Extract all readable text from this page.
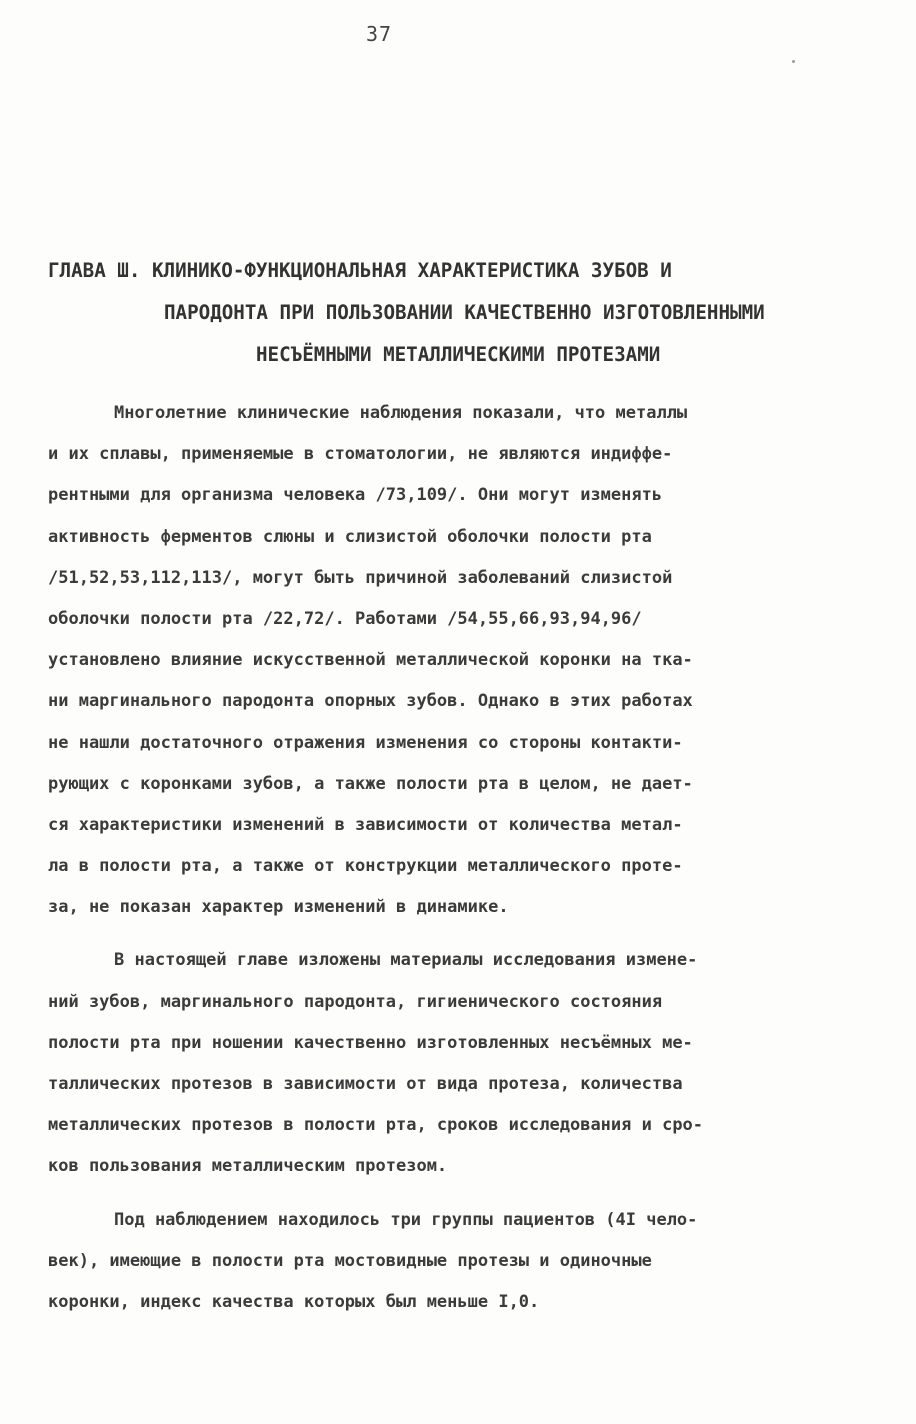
37
ГЛАВА Ш. КЛИНИКО-ФУНКЦИОНАЛЬНАЯ ХАРАКТЕРИСТИКА ЗУБОВ И
ПАРОДОНТА ПРИ ПОЛЬЗОВАНИИ КАЧЕСТВЕННО ИЗГОТОВЛЕННЫМИ
НЕСЪЁМНЫМИ МЕТАЛЛИЧЕСКИМИ ПРОТЕЗАМИ
Многолетние клинические наблюдения показали, что металлы
и их сплавы, применяемые в стоматологии, не являются индиффе-
рентными для организма человека /73,109/. Они могут изменять
активность ферментов слюны и слизистой оболочки полости рта
/51,52,53,112,113/, могут быть причиной заболеваний слизистой
оболочки полости рта /22,72/. Работами /54,55,66,93,94,96/
установлено влияние искусственной металлической коронки на тка-
ни маргинального пародонта опорных зубов. Однако в этих работах
не нашли достаточного отражения изменения со стороны контакти-
рующих с коронками зубов, а также полости рта в целом, не дает-
ся характеристики изменений в зависимости от количества метал-
ла в полости рта, а также от конструкции металлического проте-
за, не показан характер изменений в динамике.
В настоящей главе изложены материалы исследования измене-
ний зубов, маргинального пародонта, гигиенического состояния
полости рта при ношении качественно изготовленных несъёмных ме-
таллических протезов в зависимости от вида протеза, количества
металлических протезов в полости рта, сроков исследования и сро-
ков пользования металлическим протезом.
Под наблюдением находилось три группы пациентов (4I чело-
век), имеющие в полости рта мостовидные протезы и одиночные
коронки, индекс качества которых был меньше I,0.
